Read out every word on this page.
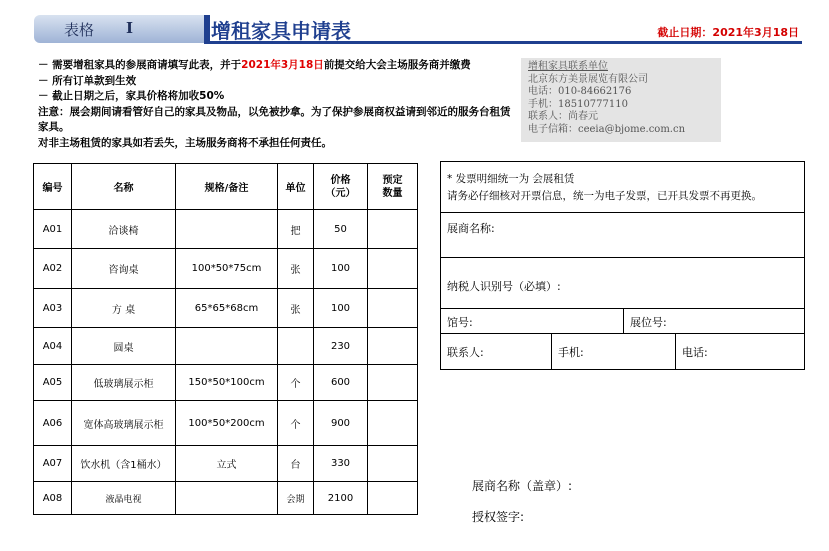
表格 I	增租家具申请表	截止日期：2021年3月18日
－ 需要增租家具的参展商请填写此表，并于2021年3月18日前提交给大会主场服务商并缴费
－ 所有订单款到生效
－ 截止日期之后，家具价格将加收50%
注意：展会期间请看管好自己的家具及物品，以免被抄拿。为了保护参展商权益请到邻近的服务台租赁家具。
对非主场租赁的家具如若丢失，主场服务商将不承担任何责任。
增租家具联系单位
北京东方美景展览有限公司
电话：010-84662176
手机：18510777110
联系人：尚春元
电子信箱：ceeia@bjome.com.cn
编号	名称	规格/备注	单位	价格
（元）	预定
数量
A01	洽谈椅		把	50	
A02	咨询桌	100*50*75cm	张	100	
A03	方 桌	65*65*68cm	张	100	
A04	圆桌			230	
A05	低玻璃展示柜	150*50*100cm	个	600	
A06	宽体高玻璃展示柜	100*50*200cm	个	900	
A07	饮水机（含1桶水）	立式	台	330	
A08	液晶电视		会期	2100	
* 发票明细统一为 会展租赁
请务必仔细核对开票信息，统一为电子发票，已开具发票不再更换。
展商名称:
纳税人识别号（必填）:
馆号:	展位号:
联系人:	手机:	电话:
展商名称（盖章）:
授权签字:
